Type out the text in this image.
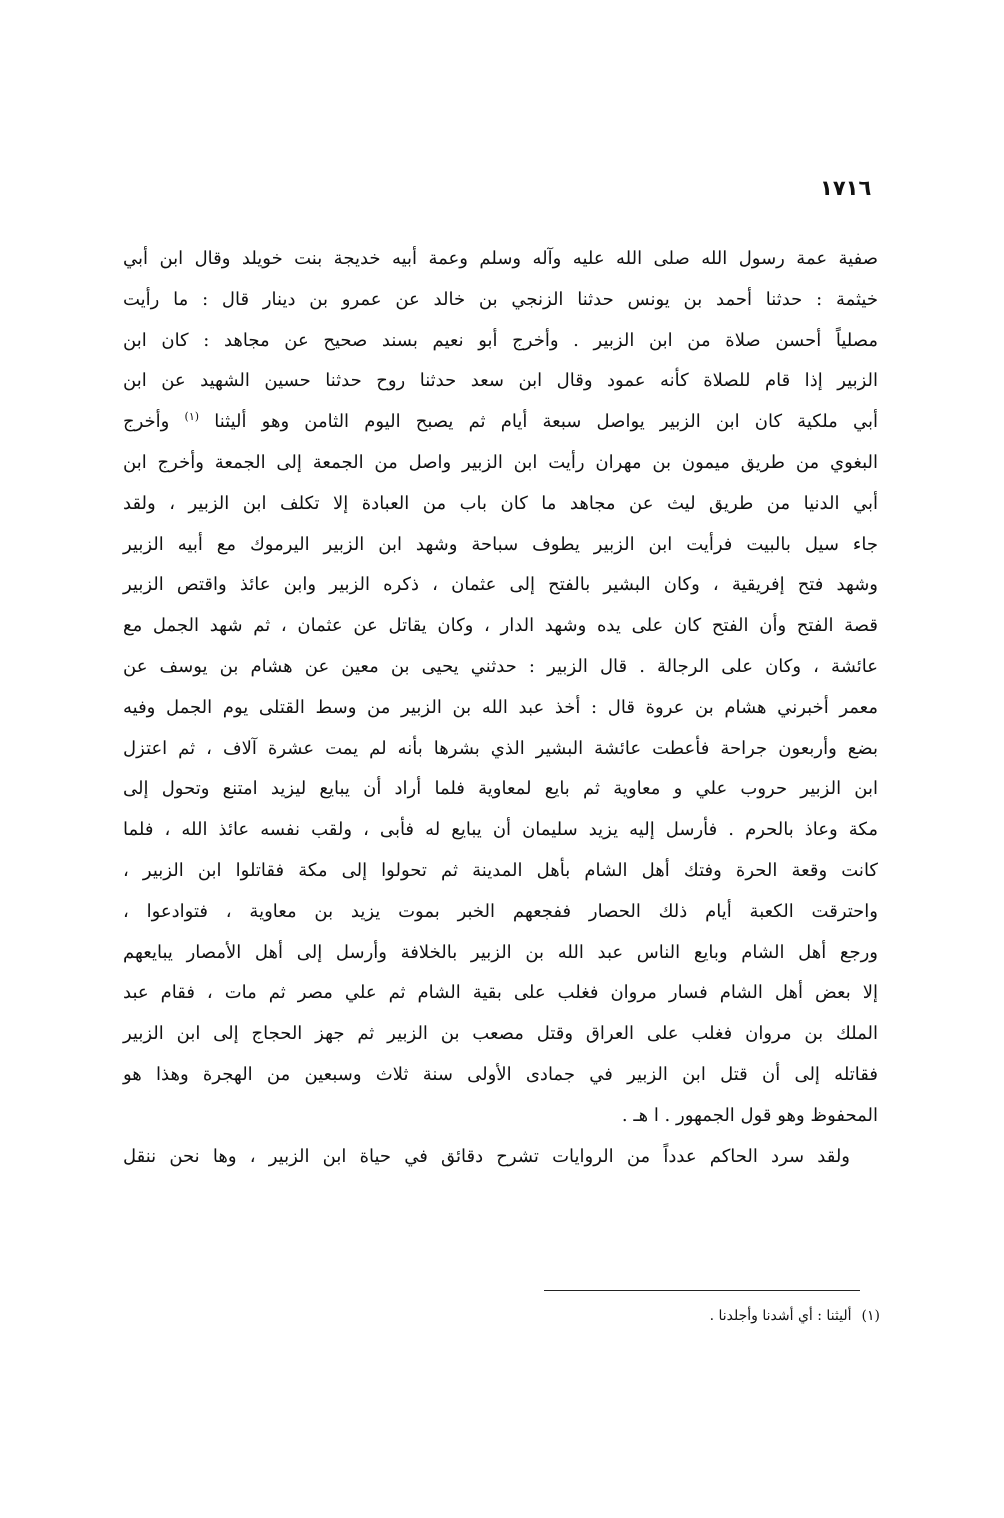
١٧١٦
صفية عمة رسول الله صلى الله عليه وآله وسلم وعمة أبيه خديجة بنت خويلد وقال ابن أبي
خيثمة : حدثنا أحمد بن يونس حدثنا الزنجي بن خالد عن عمرو بن دينار قال : ما رأيت
مصلياً أحسن صلاة من ابن الزبير . وأخرج أبو نعيم بسند صحيح عن مجاهد : كان ابن
الزبير إذا قام للصلاة كأنه عمود وقال ابن سعد حدثنا روح حدثنا حسين الشهيد عن ابن
أبي ملكية كان ابن الزبير يواصل سبعة أيام ثم يصبح اليوم الثامن وهو أليثنا $^{(١)}$ وأخرج
البغوي من طريق ميمون بن مهران رأيت ابن الزبير واصل من الجمعة إلى الجمعة وأخرج ابن
أبي الدنيا من طريق ليث عن مجاهد ما كان باب من العبادة إلا تكلف ابن الزبير ، ولقد
جاء سيل بالبيت فرأيت ابن الزبير يطوف سباحة وشهد ابن الزبير اليرموك مع أبيه الزبير
وشهد فتح إفريقية ، وكان البشير بالفتح إلى عثمان ، ذكره الزبير وابن عائذ واقتص الزبير
قصة الفتح وأن الفتح كان على يده وشهد الدار ، وكان يقاتل عن عثمان ، ثم شهد الجمل مع
عائشة ، وكان على الرجالة . قال الزبير : حدثني يحيى بن معين عن هشام بن يوسف عن
معمر أخبرني هشام بن عروة قال : أخذ عبد الله بن الزبير من وسط القتلى يوم الجمل وفيه
بضع وأربعون جراحة فأعطت عائشة البشير الذي بشرها بأنه لم يمت عشرة آلاف ، ثم اعتزل
ابن الزبير حروب علي و معاوية ثم بايع لمعاوية فلما أراد أن يبايع ليزيد امتنع وتحول إلى
مكة وعاذ بالحرم . فأرسل إليه يزيد سليمان أن يبايع له فأبى ، ولقب نفسه عائذ الله ، فلما
كانت وقعة الحرة وفتك أهل الشام بأهل المدينة ثم تحولوا إلى مكة فقاتلوا ابن الزبير ،
واحترقت الكعبة أيام ذلك الحصار ففجعهم الخبر بموت يزيد بن معاوية ، فتوادعوا ،
ورجع أهل الشام وبايع الناس عبد الله بن الزبير بالخلافة وأرسل إلى أهل الأمصار يبايعهم
إلا بعض أهل الشام فسار مروان فغلب على بقية الشام ثم علي مصر ثم مات ، فقام عبد
الملك بن مروان فغلب على العراق وقتل مصعب بن الزبير ثم جهز الحجاج إلى ابن الزبير
فقاتله إلى أن قتل ابن الزبير في جمادى الأولى سنة ثلاث وسبعين من الهجرة وهذا هو
المحفوظ وهو قول الجمهور . ا هـ .
ولقد سرد الحاكم عدداً من الروايات تشرح دقائق في حياة ابن الزبير ، وها نحن ننقل
(١)أليثنا : أي أشدنا وأجلدنا .
